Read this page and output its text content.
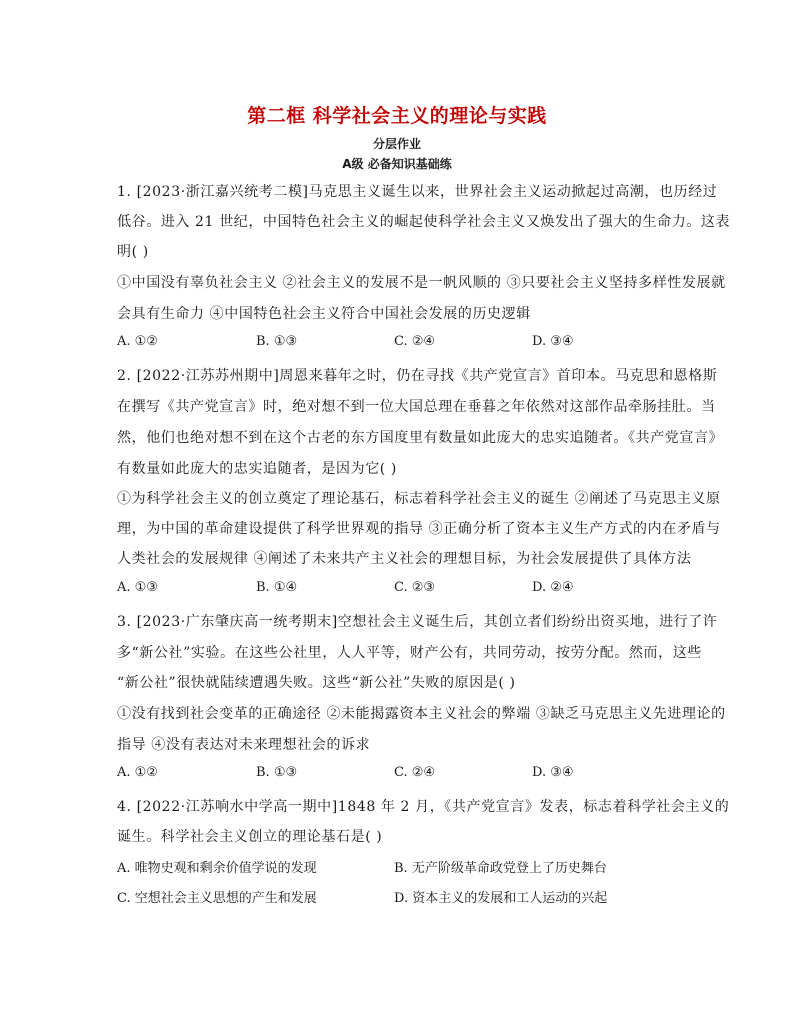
第二框 科学社会主义的理论与实践
分层作业
A级 必备知识基础练
1. [2023·浙江嘉兴统考二模]马克思主义诞生以来，世界社会主义运动掀起过高潮，也历经过
低谷。进入 21 世纪，中国特色社会主义的崛起使科学社会主义又焕发出了强大的生命力。这表
明( )
①中国没有辜负社会主义 ②社会主义的发展不是一帆风顺的 ③只要社会主义坚持多样性发展就
会具有生命力 ④中国特色社会主义符合中国社会发展的历史逻辑
A. ①②	B. ①③	C. ②④	D. ③④
2. [2022·江苏苏州期中]周恩来暮年之时，仍在寻找《共产党宣言》首印本。马克思和恩格斯
在撰写《共产党宣言》时，绝对想不到一位大国总理在垂暮之年依然对这部作品牵肠挂肚。当
然，他们也绝对想不到在这个古老的东方国度里有数量如此庞大的忠实追随者。《共产党宣言》
有数量如此庞大的忠实追随者，是因为它( )
①为科学社会主义的创立奠定了理论基石，标志着科学社会主义的诞生 ②阐述了马克思主义原
理，为中国的革命建设提供了科学世界观的指导 ③正确分析了资本主义生产方式的内在矛盾与
人类社会的发展规律 ④阐述了未来共产主义社会的理想目标，为社会发展提供了具体方法
A. ①③	B. ①④	C. ②③	D. ②④
3. [2023·广东肇庆高一统考期末]空想社会主义诞生后，其创立者们纷纷出资买地，进行了许
多“新公社”实验。在这些公社里，人人平等，财产公有，共同劳动，按劳分配。然而，这些
“新公社”很快就陆续遭遇失败。这些“新公社”失败的原因是( )
①没有找到社会变革的正确途径 ②未能揭露资本主义社会的弊端 ③缺乏马克思主义先进理论的
指导 ④没有表达对未来理想社会的诉求
A. ①②	B. ①③	C. ②④	D. ③④
4. [2022·江苏响水中学高一期中]1848 年 2 月，《共产党宣言》发表，标志着科学社会主义的
诞生。科学社会主义创立的理论基石是( )
A. 唯物史观和剩余价值学说的发现	B. 无产阶级革命政党登上了历史舞台
C. 空想社会主义思想的产生和发展	D. 资本主义的发展和工人运动的兴起
